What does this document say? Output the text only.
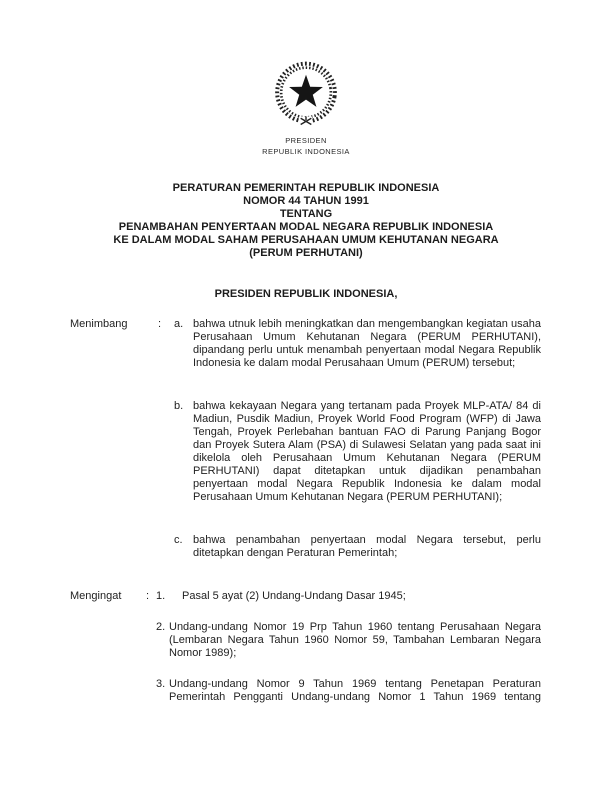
PRESIDEN
REPUBLIK INDONESIA
PERATURAN PEMERINTAH REPUBLIK INDONESIA
NOMOR 44 TAHUN 1991
TENTANG
PENAMBAHAN PENYERTAAN MODAL NEGARA REPUBLIK INDONESIA
KE DALAM MODAL SAHAM PERUSAHAAN UMUM KEHUTANAN NEGARA
(PERUM PERHUTANI)
PRESIDEN REPUBLIK INDONESIA,
Menimbang	: a. bahwa utnuk lebih meningkatkan dan mengembangkan kegiatan usaha Perusahaan Umum Kehutanan Negara (PERUM PERHUTANI), dipandang perlu untuk menambah penyertaan modal Negara Republik Indonesia ke dalam modal Perusahaan Umum (PERUM) tersebut;
b. bahwa kekayaan Negara yang tertanam pada Proyek MLP-ATA/ 84 di Madiun, Pusdik Madiun, Proyek World Food Program (WFP) di Jawa Tengah, Proyek Perlebahan bantuan FAO di Parung Panjang Bogor dan Proyek Sutera Alam (PSA) di Sulawesi Selatan yang pada saat ini dikelola oleh Perusahaan Umum Kehutanan Negara (PERUM PERHUTANI) dapat ditetapkan untuk dijadikan penambahan penyertaan modal Negara Republik Indonesia ke dalam modal Perusahaan Umum Kehutanan Negara (PERUM PERHUTANI);
c. bahwa penambahan penyertaan modal Negara tersebut, perlu ditetapkan dengan Peraturan Pemerintah;
Mengingat : 1. Pasal 5 ayat (2) Undang-Undang Dasar 1945;
2. Undang-undang Nomor 19 Prp Tahun 1960 tentang Perusahaan Negara (Lembaran Negara Tahun 1960 Nomor 59, Tambahan Lembaran Negara Nomor 1989);
3. Undang-undang Nomor 9 Tahun 1969 tentang Penetapan Peraturan Pemerintah Pengganti Undang-undang Nomor 1 Tahun 1969 tentang
